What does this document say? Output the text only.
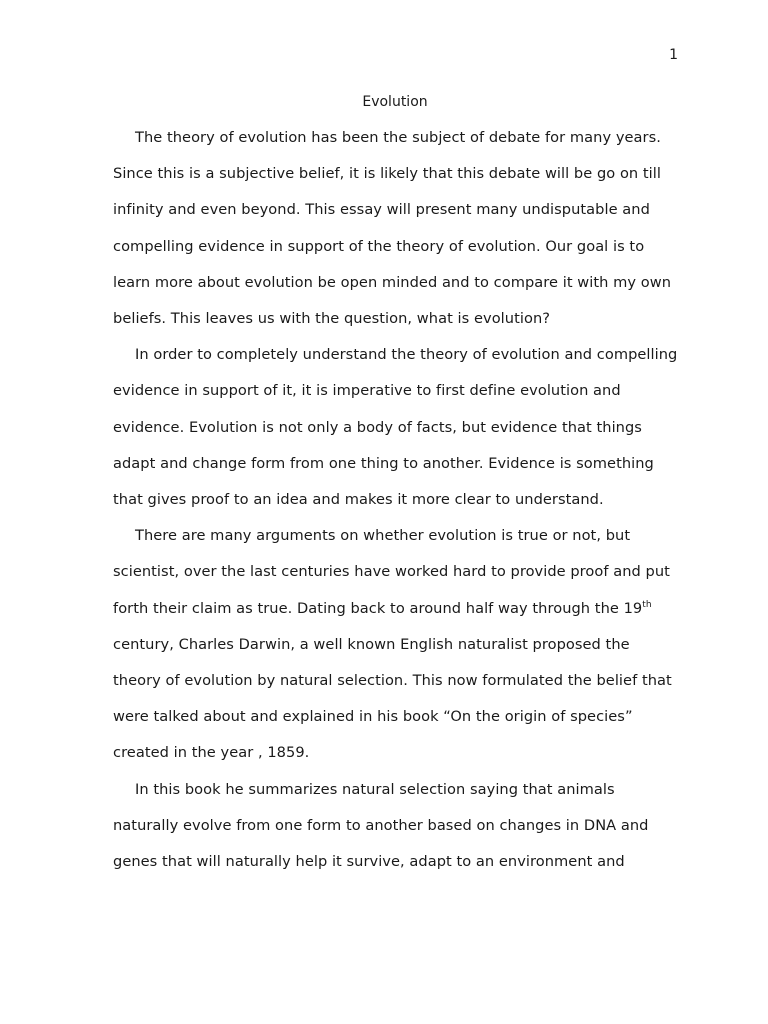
1
Evolution

The theory of evolution has been the subject of debate for many years. Since this is a subjective belief, it is likely that this debate will be go on till infinity and even beyond. This essay will present many undisputable and compelling evidence in support of the theory of evolution. Our goal is to learn more about evolution be open minded and to compare it with my own beliefs. This leaves us with the question, what is evolution?

In order to completely understand the theory of evolution and compelling evidence in support of it, it is imperative to first define evolution and evidence. Evolution is not only a body of facts, but evidence that things adapt and change form from one thing to another. Evidence is something that gives proof to an idea and makes it more clear to understand.

There are many arguments on whether evolution is true or not, but scientist, over the last centuries have worked hard to provide proof and put forth their claim as true. Dating back to around half way through the 19th century, Charles Darwin, a well known English naturalist proposed the theory of evolution by natural selection. This now formulated the belief that were talked about and explained in his book “On the origin of species” created in the year , 1859.

In this book he summarizes natural selection saying that animals naturally evolve from one form to another based on changes in DNA and genes that will naturally help it survive, adapt to an environment and
